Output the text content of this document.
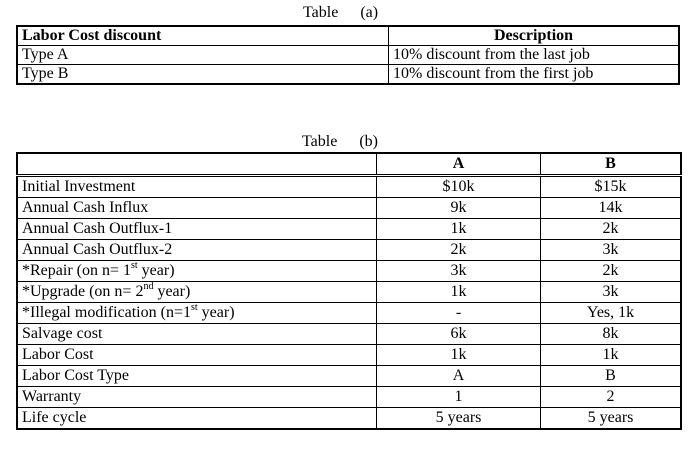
Table (a)
Labor Cost discount	Description
Type A	10% discount from the last job
Type B	10% discount from the first job
Table (b)
	A	B
Initial Investment	$10k	$15k
Annual Cash Influx	9k	14k
Annual Cash Outflux-1	1k	2k
Annual Cash Outflux-2	2k	3k
*Repair (on n= 1st year)	3k	2k
*Upgrade (on n= 2nd year)	1k	3k
*Illegal modification (n=1st year)	-	Yes, 1k
Salvage cost	6k	8k
Labor Cost	1k	1k
Labor Cost Type	A	B
Warranty	1	2
Life cycle	5 years	5 years
